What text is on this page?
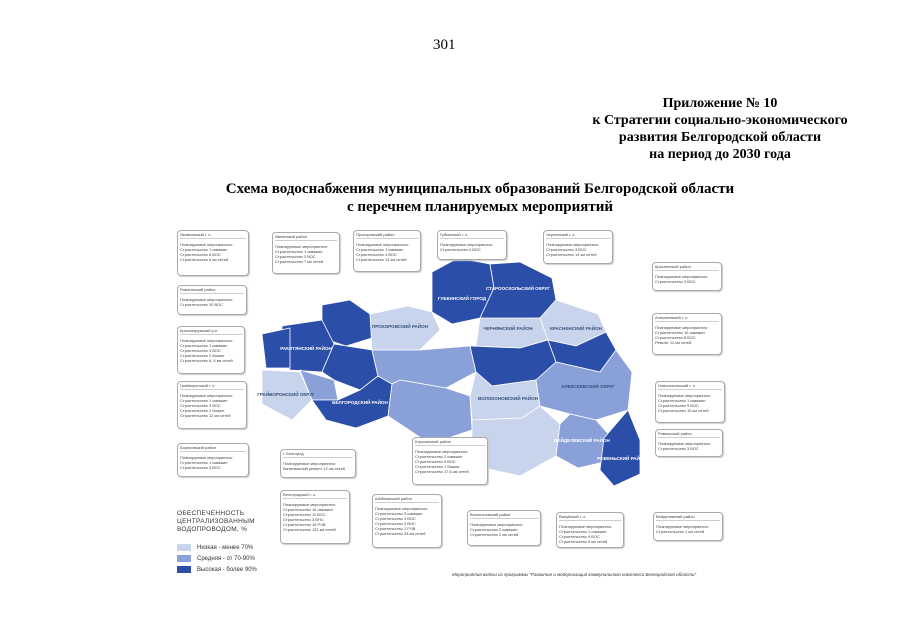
301
Приложение № 10
к Стратегии социально-экономического
развития Белгородской области
на период до 2030 года
Схема водоснабжения муниципальных образований Белгородской области
с перечнем планируемых мероприятий
ГУБКИНСКИЙ ГОРОД
СТАРООСКОЛЬСКИЙ ОКРУГ
РАКИТЯНСКИЙ РАЙОН
ПРОХОРОВСКИЙ РАЙОН	ЧЕРНЯНСКИЙ РАЙОН	КРАСНЕНСКИЙ РАЙОН
ГРАЙВОРОНСКИЙ ОКРУГ
БЕЛГОРОДСКИЙ РАЙОН
ВОЛОКОНОВСКИЙ РАЙОН
АЛЕКСЕЕВСКИЙ ОКРУГ
ВЕЙДЕЛЕВСКИЙ РАЙОН
РОВЕНЬСКИЙ РАЙОН
Яковлевский г. о.
Планируемые мероприятия:
Строительство 1 скважин
Строительство 8 ВОС
Строительство 6 км сетей
Ивнянский район
Планируемые мероприятия:
Строительство 1 скважин
Строительство 3 ВОС
Строительство 7 км сетей
Прохоровский район
Планируемые мероприятия:
Строительство 1 скважин
Строительство 4 ВОС
Строительство 13 км сетей
Губкинский г. о.
Планируемые мероприятия:
Строительство 4 ВОС
Чернянский г. о.
Планируемые мероприятия:
Строительство 3 ВОС
Строительство 14 км сетей
Ракитянский район
Планируемые мероприятия:
Строительство 10 ВОС
Краснояружский р-н
Планируемые мероприятия:
Строительство 1 скважин
Строительство 3 ВОС
Строительство 2 башен
Строительство 6, 4 км сетей
Грайворонский г. о.
Планируемые мероприятия:
Строительство 1 скважин
Строительство 3 ВОС
Строительство 2 башен
Строительство 12 км сетей
Борисовский район
Планируемые мероприятия:
Строительство 1 скважин
Строительство 3 ВОС
г. Белгород
Планируемые мероприятия:
Капитальный ремонт 12 км сетей
Белгородский г. о.
Планируемые мероприятия:
Строительство 15 скважин
Строительство 11 ВОС
Строительство 3 ВНС
Строительство 10 РЧВ
Строительство 133 км сетей
Шебекинский район
Планируемые мероприятия:
Строительство 3 скважин
Строительство 4 ВОС
Строительство 3 ВНС
Строительство 2 РЧВ
Строительство 33 км сетей
Корочанский район
Планируемые мероприятия:
Строительство 2 скважин
Строительство 6 ВОС
Строительство 1 башни
Строительство 17,6 км сетей
Волоконовский район
Планируемые мероприятия:
Строительство 2 скважин
Строительство 2 км сетей
Валуйский г. о.
Планируемые мероприятия:
Строительство 1 скважин
Строительство 4 ВОС
Строительство 6 км сетей
Вейделевский район
Планируемые мероприятия:
Строительство 1 км сетей
Красненский район
Планируемые мероприятия:
Строительство 3 ВОС
Алексеевский г. о.
Планируемые мероприятия:
Строительство 10 скважин
Строительство 8 ВОС
Ремонт 12 км сетей
Новооскольский г. о.
Планируемые мероприятия:
Строительство 1 скважин
Строительство 9 ВОС
Строительство 10 км сетей
Ровеньский район
Планируемые мероприятия:
Строительство 3 ВОС
ОБЕСПЕЧЕННОСТЬ
ЦЕНТРАЛИЗОВАННЫМ
ВОДОПРОВОДОМ, %
Низкая - менее 70%
Средняя - от 70-90%
Высокая - более 90%
Мероприятия взяты из программы "Развитие и модернизация коммунального комплекса Белгородской области"
